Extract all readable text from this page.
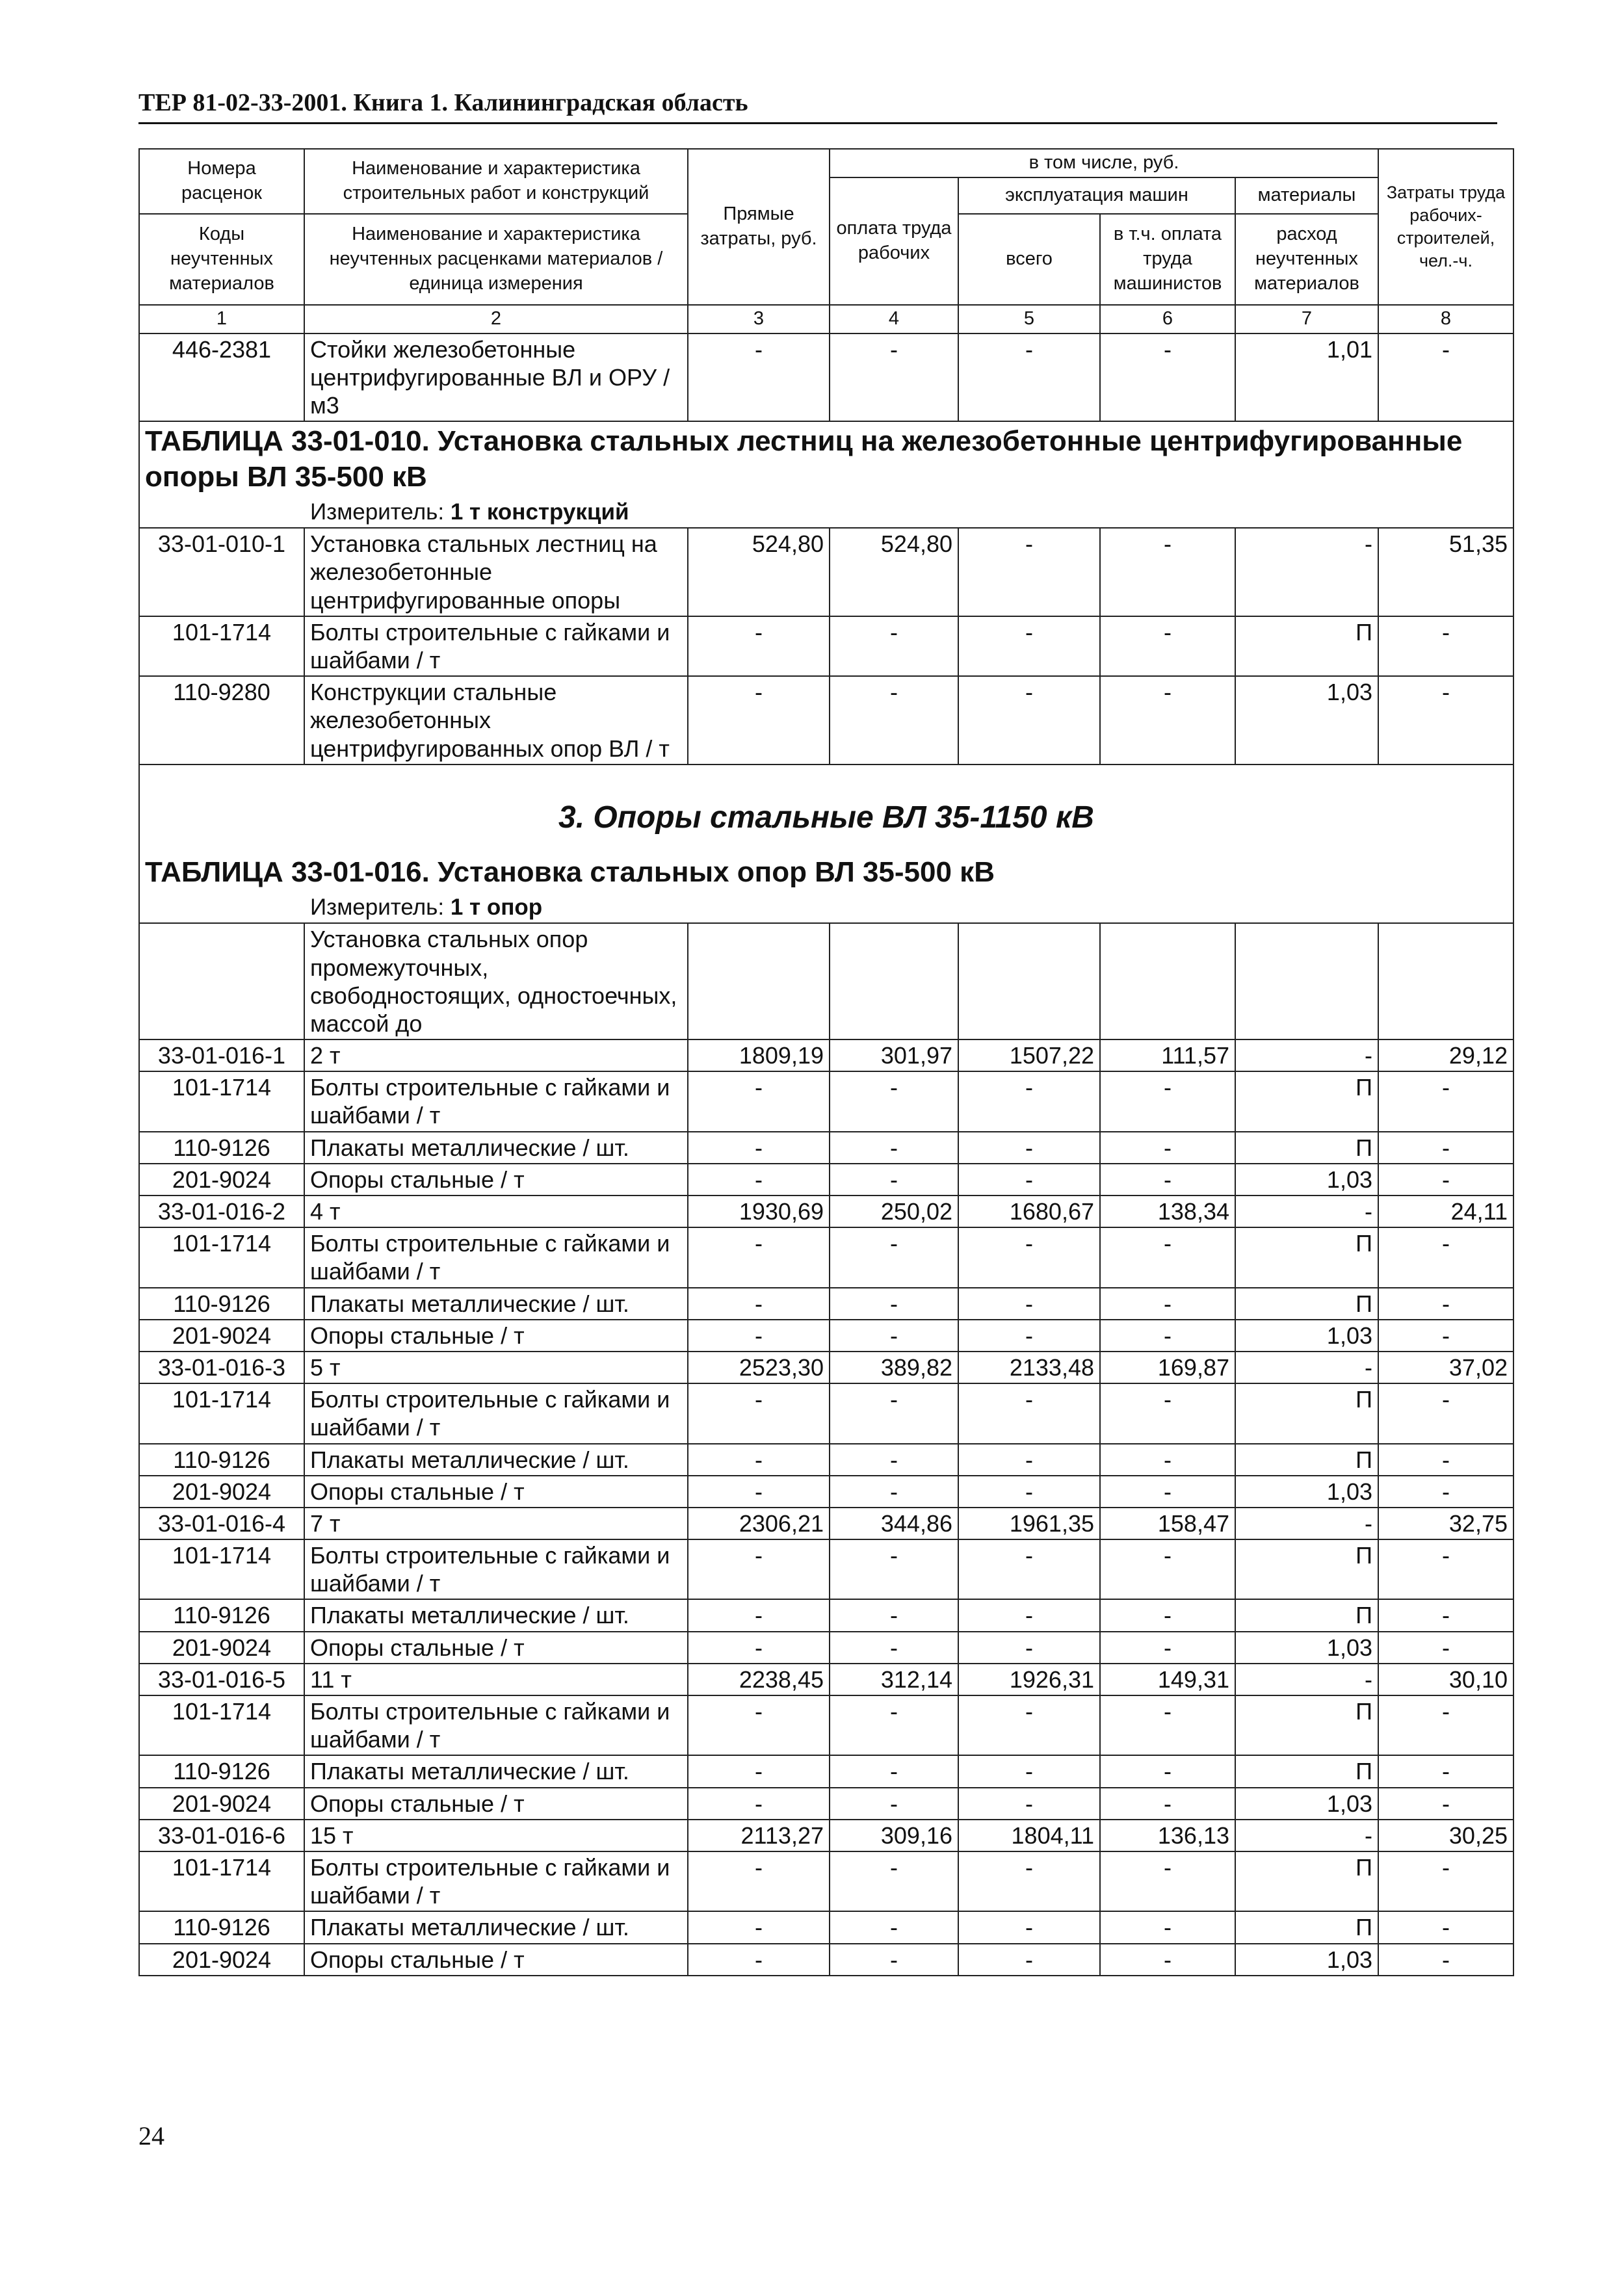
ТЕР 81-02-33-2001. Книга 1. Калининградская область
Номера расценок	Наименование и характеристика строительных работ и конструкций	Прямые затраты, руб.	в том числе, руб.				Затраты труда рабочих-строителей, чел.-ч.
			оплата труда рабочих	эксплуатация машин		материалы	
Коды неучтенных материалов	Наименование и характеристика неучтенных расценками материалов / единица измерения			всего	в т.ч. оплата труда машинистов	расход неучтенных материалов	

1	2	3	4	5	6	7	8
446-2381	Стойки железобетонные центрифугированные ВЛ и ОРУ / м3	-	-	-	-	1,01	-

ТАБЛИЦА 33-01-010. Установка стальных лестниц на железобетонные центрифугированные опоры ВЛ 35-500 кВ
Измеритель: 1 т конструкций							

33-01-010-1	Установка стальных лестниц на железобетонные центрифугированные опоры	524,80	524,80	-	-	-	51,35
101-1714	Болты строительные с гайками и шайбами / т	-	-	-	-	П	-
110-9280	Конструкции стальные железобетонных центрифугированных опор ВЛ / т	-	-	-	-	1,03	-

3. Опоры стальные ВЛ 35-1150 кВ
ТАБЛИЦА 33-01-016. Установка стальных опор ВЛ 35-500 кВ
Измеритель: 1 т опор							

	Установка стальных опор промежуточных, свободностоящих, одностоечных, массой до						
33-01-016-1	2 т	1809,19	301,97	1507,22	111,57	-	29,12
101-1714	Болты строительные с гайками и шайбами / т	-	-	-	-	П	-
110-9126	Плакаты металлические / шт.	-	-	-	-	П	-
201-9024	Опоры стальные / т	-	-	-	-	1,03	-
33-01-016-2	4 т	1930,69	250,02	1680,67	138,34	-	24,11
101-1714	Болты строительные с гайками и шайбами / т	-	-	-	-	П	-
110-9126	Плакаты металлические / шт.	-	-	-	-	П	-
201-9024	Опоры стальные / т	-	-	-	-	1,03	-
33-01-016-3	5 т	2523,30	389,82	2133,48	169,87	-	37,02
101-1714	Болты строительные с гайками и шайбами / т	-	-	-	-	П	-
110-9126	Плакаты металлические / шт.	-	-	-	-	П	-
201-9024	Опоры стальные / т	-	-	-	-	1,03	-
33-01-016-4	7 т	2306,21	344,86	1961,35	158,47	-	32,75
101-1714	Болты строительные с гайками и шайбами / т	-	-	-	-	П	-
110-9126	Плакаты металлические / шт.	-	-	-	-	П	-
201-9024	Опоры стальные / т	-	-	-	-	1,03	-
33-01-016-5	11 т	2238,45	312,14	1926,31	149,31	-	30,10
101-1714	Болты строительные с гайками и шайбами / т	-	-	-	-	П	-
110-9126	Плакаты металлические / шт.	-	-	-	-	П	-
201-9024	Опоры стальные / т	-	-	-	-	1,03	-
33-01-016-6	15 т	2113,27	309,16	1804,11	136,13	-	30,25
101-1714	Болты строительные с гайками и шайбами / т	-	-	-	-	П	-
110-9126	Плакаты металлические / шт.	-	-	-	-	П	-
201-9024	Опоры стальные / т	-	-	-	-	1,03	-
24
